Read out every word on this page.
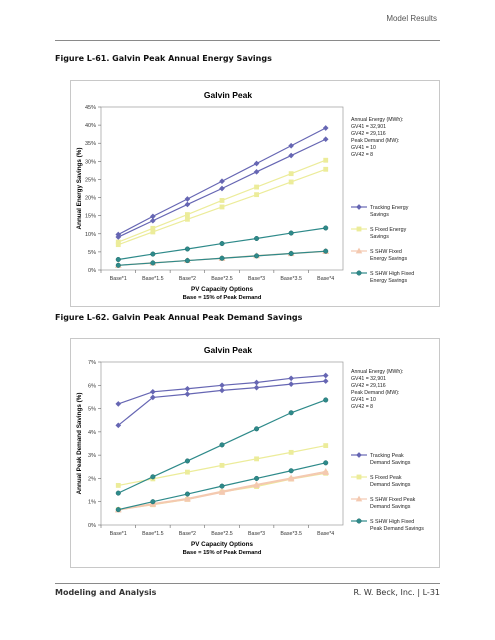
Model Results
Figure L-61. Galvin Peak Annual Energy Savings
Galvin Peak
0%
5%
10%
15%
20%
25%
30%
35%
40%
45%
Annual Energy Savings (%)
Base*1	Base*1.5	Base*2	Base*2.5	Base*3	Base*3.5	Base*4
PV Capacity Options
Base = 15% of Peak Demand
Annual Energy (MWh):
GV41 = 32,901
GV42 = 29,116
Peak Demand (MW):
GV41 = 10
GV42 = 8
Tracking Energy
Savings
S Fixed Energy
Savings
S SHW Fixed
Energy Savings
S SHW High Fixed
Energy Savings
Figure L-62. Galvin Peak Annual Peak Demand Savings
Galvin Peak
0%
1%
2%
3%
4%
5%
6%
7%
Annual Peak Demand Savings (%)
Base*1	Base*1.5	Base*2	Base*2.5	Base*3	Base*3.5	Base*4
PV Capacity Options
Base = 15% of Peak Demand
Annual Energy (MWh):
GV41 = 32,901
GV42 = 29,116
Peak Demand (MW):
GV41 = 10
GV42 = 8
Tracking Peak
Demand Savings
S Fixed Peak
Demand Savings
S SHW Fixed Peak
Demand Savings
S SHW High Fixed
Peak Demand Savings
Modeling and Analysis	R. W. Beck, Inc. | L-31
